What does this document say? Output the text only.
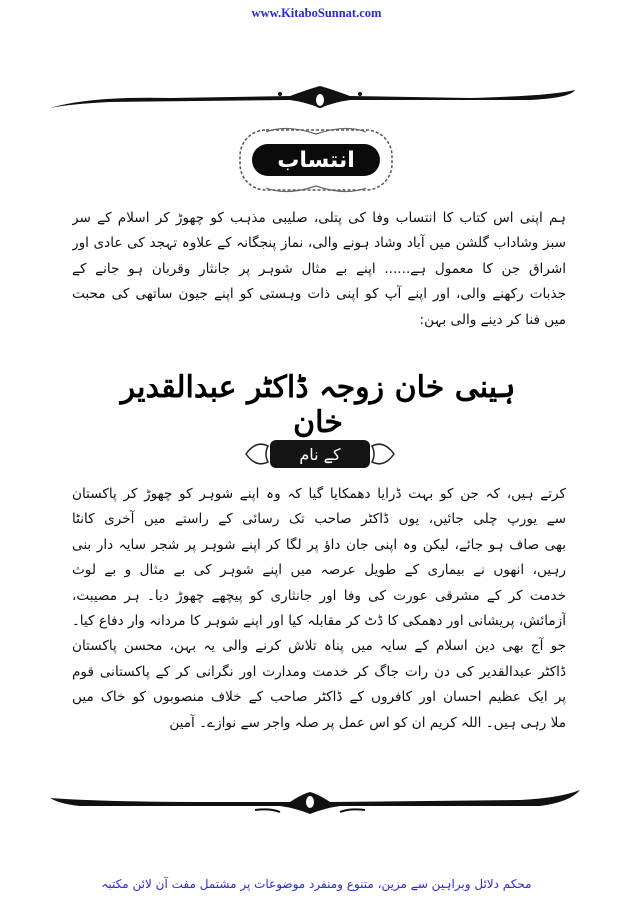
www.KitaboSunnat.com
انتساب
ہم اپنی اس کتاب کا انتساب وفا کی پتلی، صلیبی مذہب کو چھوڑ کر اسلام کے سر
سبز وشاداب گلشن میں آباد وشاد ہونے والی، نماز پنجگانہ کے علاوہ تہجد کی عادی اور
اشراق جن کا معمول ہے...... اپنے بے مثال شوہر پر جانثار وقربان ہو جانے کے
جذبات رکھنے والی، اور اپنے آپ کو اپنی ذات وہستی کو اپنے جیون ساتھی کی محبت
میں فنا کر دینے والی بہن:
ہینی خان زوجہ ڈاکٹر عبدالقدیر خان
کے نام
کرتے ہیں، کہ جن کو بہت ڈرایا دھمکایا گیا کہ وہ اپنے شوہر کو چھوڑ کر پاکستان
سے یورپ چلی جائیں، یوں ڈاکٹر صاحب تک رسائی کے راستے میں آخری کانٹا
بھی صاف ہو جائے، لیکن وہ اپنی جان داؤ پر لگا کر اپنے شوہر پر شجر سایہ دار بنی
رہیں، انھوں نے بیماری کے طویل عرصہ میں اپنے شوہر کی بے مثال و بے لوث
خدمت کر کے مشرقی عورت کی وفا اور جانثاری کو پیچھے چھوڑ دیا۔ ہر مصیبت،
آزمائش، پریشانی اور دھمکی کا ڈٹ کر مقابلہ کیا اور اپنے شوہر کا مردانہ وار دفاع کیا۔
جو آج بھی دین اسلام کے سایہ میں پناہ تلاش کرنے والی یہ بہن، محسن پاکستان
ڈاکٹر عبدالقدیر کی دن رات جاگ کر خدمت ومدارت اور نگرانی کر کے پاکستانی قوم
پر ایک عظیم احسان اور کافروں کے ڈاکٹر صاحب کے خلاف منصوبوں کو خاک میں
ملا رہی ہیں۔ اللہ کریم ان کو اس عمل پر صلہ واجر سے نوازے۔ آمین
محکم دلائل وبراہین سے مزین، متنوع ومنفرد موضوعات پر مشتمل مفت آن لائن مکتبہ
